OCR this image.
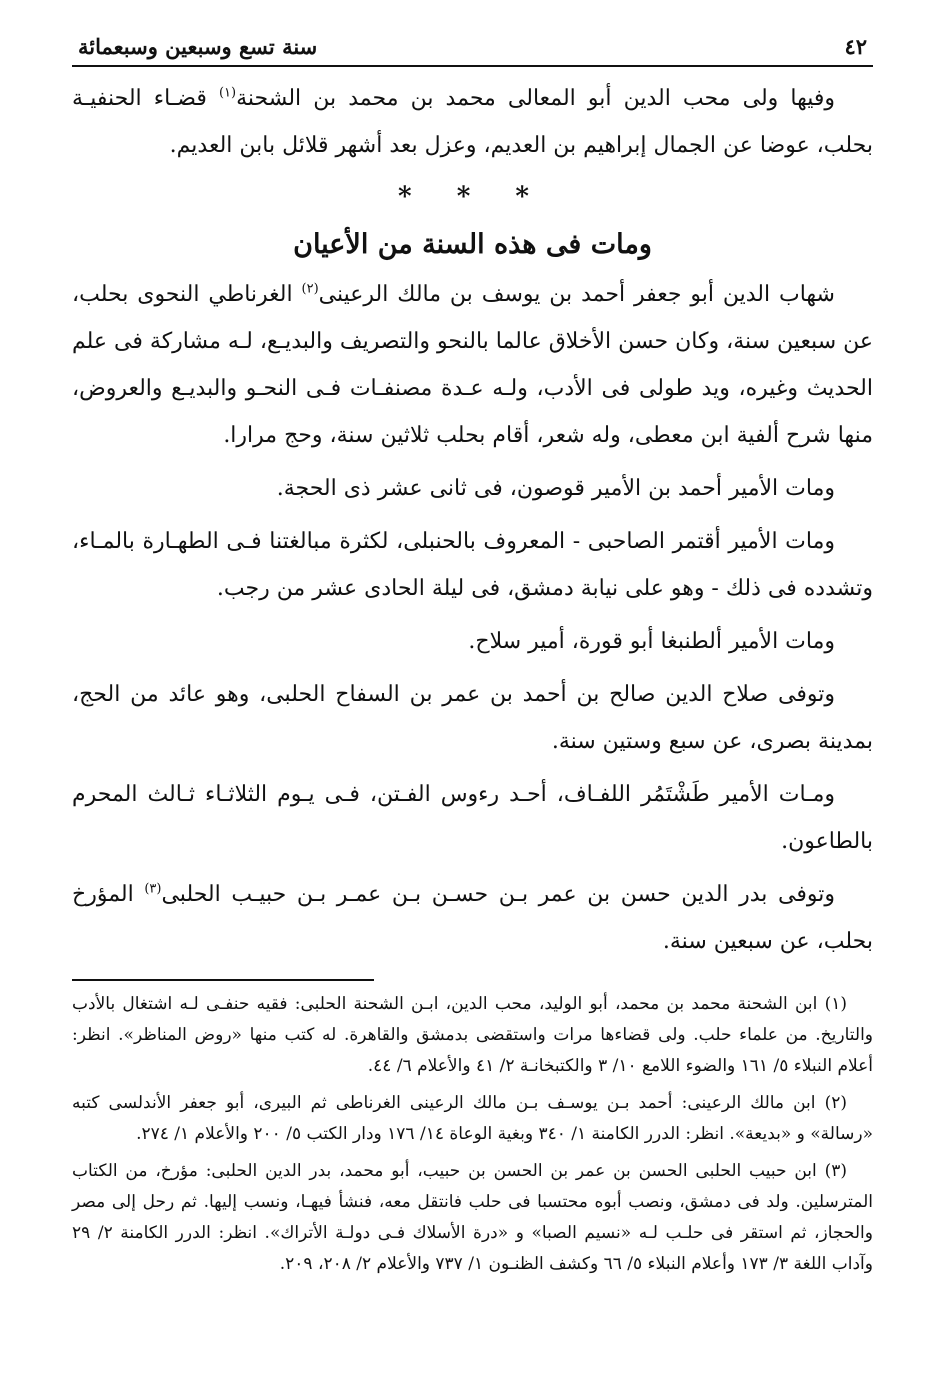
٤٢
سنة تسع وسبعين وسبعمائة

وفيها ولى محب الدين أبو المعالى محمد بن محمد بن الشحنة$^{(١)}$ قضـاء الحنفيـة بحلب، عوضا عن الجمال إبراهيم بن العديم، وعزل بعد أشهر قلائل بابن العديم.

* * *
ومات فى هذه السنة من الأعيان

شهاب الدين أبو جعفر أحمد بن يوسف بن مالك الرعينى$^{(٢)}$ الغرناطي النحوى بحلب، عن سبعين سنة، وكان حسن الأخلاق عالما بالنحو والتصريف والبديـع، لـه مشاركة فى علم الحديث وغيره، ويد طولى فى الأدب، ولـه عـدة مصنفـات فـى النحـو والبديـع والعروض، منها شرح ألفية ابن معطى، وله شعر، أقام بحلب ثلاثين سنة، وحج مرارا.

ومات الأمير أحمد بن الأمير قوصون، فى ثانى عشر ذى الحجة.

ومات الأمير أقتمر الصاحبى - المعروف بالحنبلى، لكثرة مبالغتنا فـى الطهـارة بالمـاء، وتشدده فى ذلك - وهو على نيابة دمشق، فى ليلة الحادى عشر من رجب.

ومات الأمير ألطنبغا أبو قورة، أمير سلاح.

وتوفى صلاح الدين صالح بن أحمد بن عمر بن السفاح الحلبى، وهو عائد من الحج، بمدينة بصرى، عن سبع وستين سنة.

ومـات الأمير طَشْتَمُر اللفـاف، أحـد رءوس الفـتن، فـى يـوم الثلاثـاء ثـالث المحرم بالطاعون.

وتوفى بدر الدين حسن بن عمر بـن حسـن بـن عمـر بـن حبيـب الحلبى$^{(٣)}$ المؤرخ بحلب، عن سبعين سنة.

(١) ابن الشحنة محمد بن محمد، أبو الوليد، محب الدين، ابـن الشحنة الحلبى: فقيه حنفـى لـه اشتغال بالأدب والتاريخ. من علماء حلب. ولى قضاءها مرات واستقضى بدمشق والقاهرة. له كتب منها «روض المناظر». انظر: أعلام النبلاء ٥/ ١٦١ والضوء اللامع ١٠/ ٣ والكتبخانـة ٢/ ٤١ والأعلام ٦/ ٤٤.

(٢) ابن مالك الرعينى: أحمد بـن يوسـف بـن مالك الرعينى الغرناطى ثم البيرى، أبو جعفر الأندلسى كتبه «رسالة» و «بديعة». انظر: الدرر الكامنة ١/ ٣٤٠ وبغية الوعاة ١٤/ ١٧٦ ودار الكتب ٥/ ٢٠٠ والأعلام ١/ ٢٧٤.

(٣) ابن حبيب الحلبى الحسن بن عمر بن الحسن بن حبيب، أبو محمد، بدر الدين الحلبى: مؤرخ، من الكتاب المترسلين. ولد فى دمشق، ونصب أبوه محتسبا فى حلب فانتقل معه، فنشأ فيهـا، ونسب إليها. ثم رحل إلى مصر والحجاز، ثم استقر فى حلـب لـه «نسيم الصبا» و «درة الأسلاك فـى دولـة الأتراك». انظر: الدرر الكامنة ٢/ ٢٩ وآداب اللغة ٣/ ١٧٣ وأعلام النبلاء ٥/ ٦٦ وكشف الظنـون ١/ ٧٣٧ والأعلام ٢/ ٢٠٨، ٢٠٩.
